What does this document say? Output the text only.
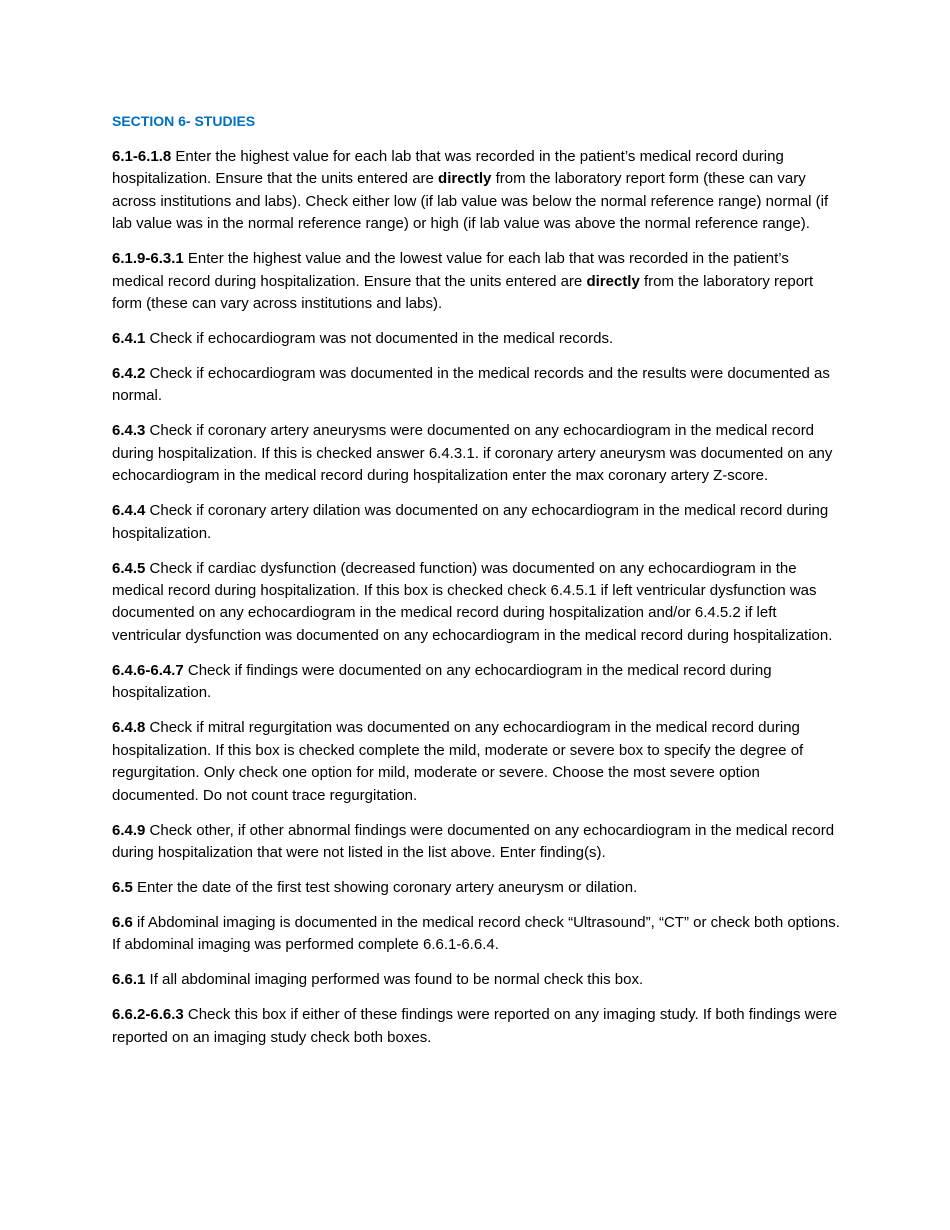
SECTION 6- STUDIES

6.1-6.1.8 Enter the highest value for each lab that was recorded in the patient’s medical record during hospitalization. Ensure that the units entered are directly from the laboratory report form (these can vary across institutions and labs). Check either low (if lab value was below the normal reference range) normal (if lab value was in the normal reference range) or high (if lab value was above the normal reference range).

6.1.9-6.3.1 Enter the highest value and the lowest value for each lab that was recorded in the patient’s medical record during hospitalization. Ensure that the units entered are directly from the laboratory report form (these can vary across institutions and labs).

6.4.1 Check if echocardiogram was not documented in the medical records.

6.4.2 Check if echocardiogram was documented in the medical records and the results were documented as normal.

6.4.3 Check if coronary artery aneurysms were documented on any echocardiogram in the medical record during hospitalization. If this is checked answer 6.4.3.1. if coronary artery aneurysm was documented on any echocardiogram in the medical record during hospitalization enter the max coronary artery Z-score.

6.4.4 Check if coronary artery dilation was documented on any echocardiogram in the medical record during hospitalization.

6.4.5 Check if cardiac dysfunction (decreased function) was documented on any echocardiogram in the medical record during hospitalization. If this box is checked check 6.4.5.1 if left ventricular dysfunction was documented on any echocardiogram in the medical record during hospitalization and/or 6.4.5.2 if left ventricular dysfunction was documented on any echocardiogram in the medical record during hospitalization.

6.4.6-6.4.7 Check if findings were documented on any echocardiogram in the medical record during hospitalization.

6.4.8 Check if mitral regurgitation was documented on any echocardiogram in the medical record during hospitalization. If this box is checked complete the mild, moderate or severe box to specify the degree of regurgitation. Only check one option for mild, moderate or severe. Choose the most severe option documented. Do not count trace regurgitation.

6.4.9 Check other, if other abnormal findings were documented on any echocardiogram in the medical record during hospitalization that were not listed in the list above. Enter finding(s).

6.5 Enter the date of the first test showing coronary artery aneurysm or dilation.

6.6 if Abdominal imaging is documented in the medical record check “Ultrasound”, “CT” or check both options. If abdominal imaging was performed complete 6.6.1-6.6.4.

6.6.1 If all abdominal imaging performed was found to be normal check this box.

6.6.2-6.6.3 Check this box if either of these findings were reported on any imaging study. If both findings were reported on an imaging study check both boxes.
